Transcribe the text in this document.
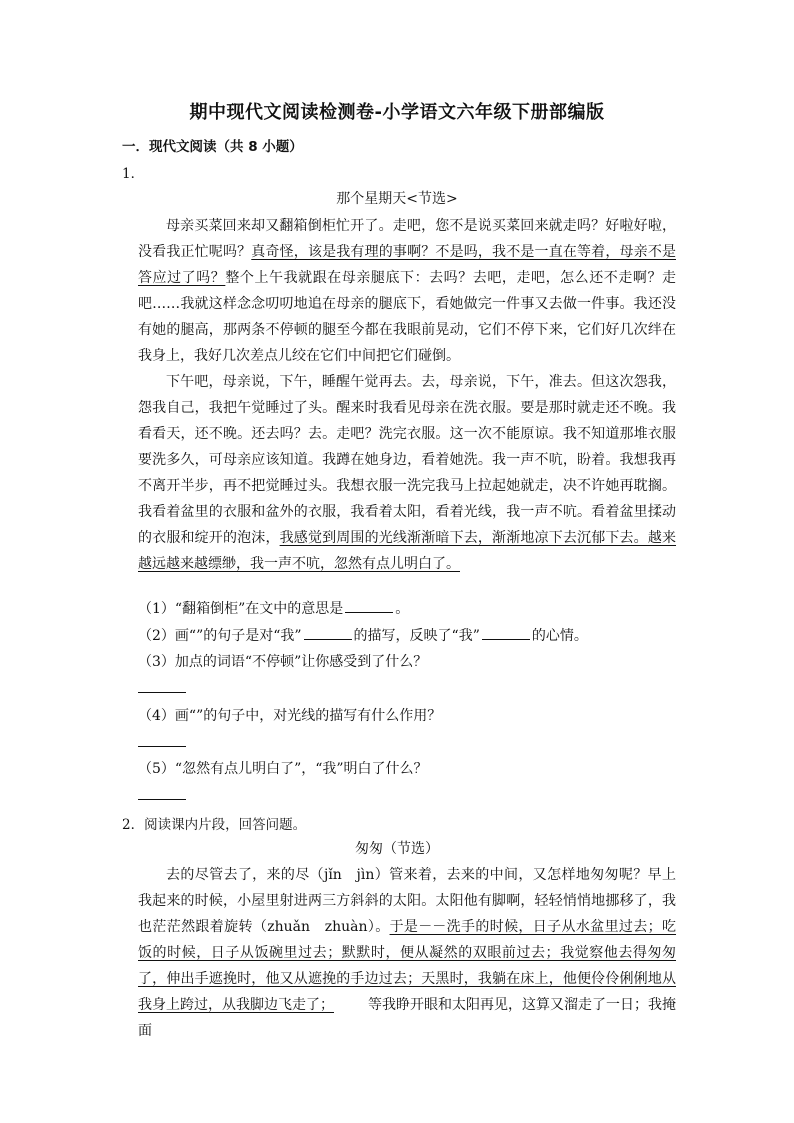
期中现代文阅读检测卷-小学语文六年级下册部编版
一．现代文阅读（共 8 小题）
1．
那个星期天<节选>

母亲买菜回来却又翻箱倒柜忙开了。走吧，您不是说买菜回来就走吗？好啦好啦，没看我正忙呢吗？真奇怪，该是我有理的事啊？不是吗，我不是一直在等着，母亲不是答应过了吗？整个上午我就跟在母亲腿底下：去吗？去吧，走吧，怎么还不走啊？走吧……我就这样念念叨叨地追在母亲的腿底下，看她做完一件事又去做一件事。我还没有她的腿高，那两条不停顿的腿至今都在我眼前晃动，它们不停下来，它们好几次绊在我身上，我好几次差点儿绞在它们中间把它们碰倒。

下午吧，母亲说，下午，睡醒午觉再去。去，母亲说，下午，准去。但这次怨我，怨我自己，我把午觉睡过了头。醒来时我看见母亲在洗衣服。要是那时就走还不晚。我看看天，还不晚。还去吗？去。走吧？洗完衣服。这一次不能原谅。我不知道那堆衣服要洗多久，可母亲应该知道。我蹲在她身边，看着她洗。我一声不吭，盼着。我想我再不离开半步，再不把觉睡过头。我想衣服一洗完我马上拉起她就走，决不许她再耽搁。我看着盆里的衣服和盆外的衣服，我看着太阳，看着光线，我一声不吭。看着盆里揉动的衣服和绽开的泡沫，我感觉到周围的光线渐渐暗下去，渐渐地凉下去沉郁下去。越来越远越来越缥缈，我一声不吭，忽然有点儿明白了。

（1）“翻箱倒柜”在文中的意思是	。
（2）画“”的句子是对“我”	的描写，反映了“我”	的心情。
（3）加点的词语“不停顿”让你感受到了什么？
（4）画“”的句子中，对光线的描写有什么作用？
（5）“忽然有点儿明白了”，“我”明白了什么？
2．阅读课内片段，回答问题。
匆匆（节选）

去的尽管去了，来的尽（jǐn　jìn）管来着，去来的中间，又怎样地匆匆呢？早上我起来的时候，小屋里射进两三方斜斜的太阳。太阳他有脚啊，轻轻悄悄地挪移了，我也茫茫然跟着旋转（zhuǎn　zhuàn）。于是－－洗手的时候，日子从水盆里过去；吃饭的时候，日子从饭碗里过去；默默时，便从凝然的双眼前过去；我觉察他去得匆匆了，伸出手遮挽时，他又从遮挽的手边过去；天黑时，我躺在床上，他便伶伶俐俐地从我身上跨过，从我脚边飞走了； 等我睁开眼和太阳再见，这算又溜走了一日；我掩面
